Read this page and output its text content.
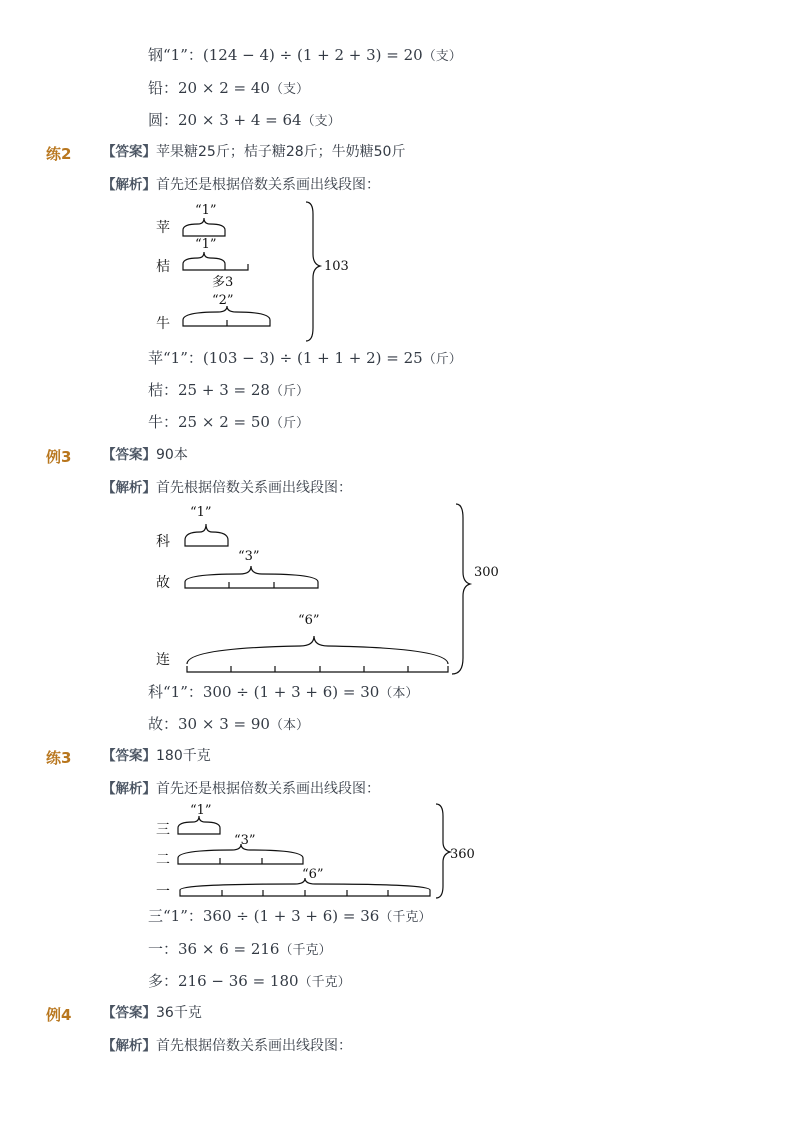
钢“1”：(124 − 4) ÷ (1 + 2 + 3) = 20（支）
铅：20 × 2 = 40（支）
圆：20 × 3 + 4 = 64（支）
练2 【答案】苹果糖25斤；桔子糖28斤；牛奶糖50斤
【解析】首先还是根据倍数关系画出线段图：
苹
桔
牛
“1”
“1”
多3
“2”
103
苹“1”：(103 − 3) ÷ (1 + 1 + 2) = 25（斤）
桔：25 + 3 = 28（斤）
牛：25 × 2 = 50（斤）
例3 【答案】90本
【解析】首先根据倍数关系画出线段图：
科
故
连
“1”
“3”
“6”
300
科“1”：300 ÷ (1 + 3 + 6) = 30（本）
故：30 × 3 = 90（本）
练3 【答案】180千克
【解析】首先还是根据倍数关系画出线段图：
三
二
一
“1”
“3”
“6”
360
三“1”：360 ÷ (1 + 3 + 6) = 36（千克）
一：36 × 6 = 216（千克）
多：216 − 36 = 180（千克）
例4 【答案】36千克
【解析】首先根据倍数关系画出线段图：
